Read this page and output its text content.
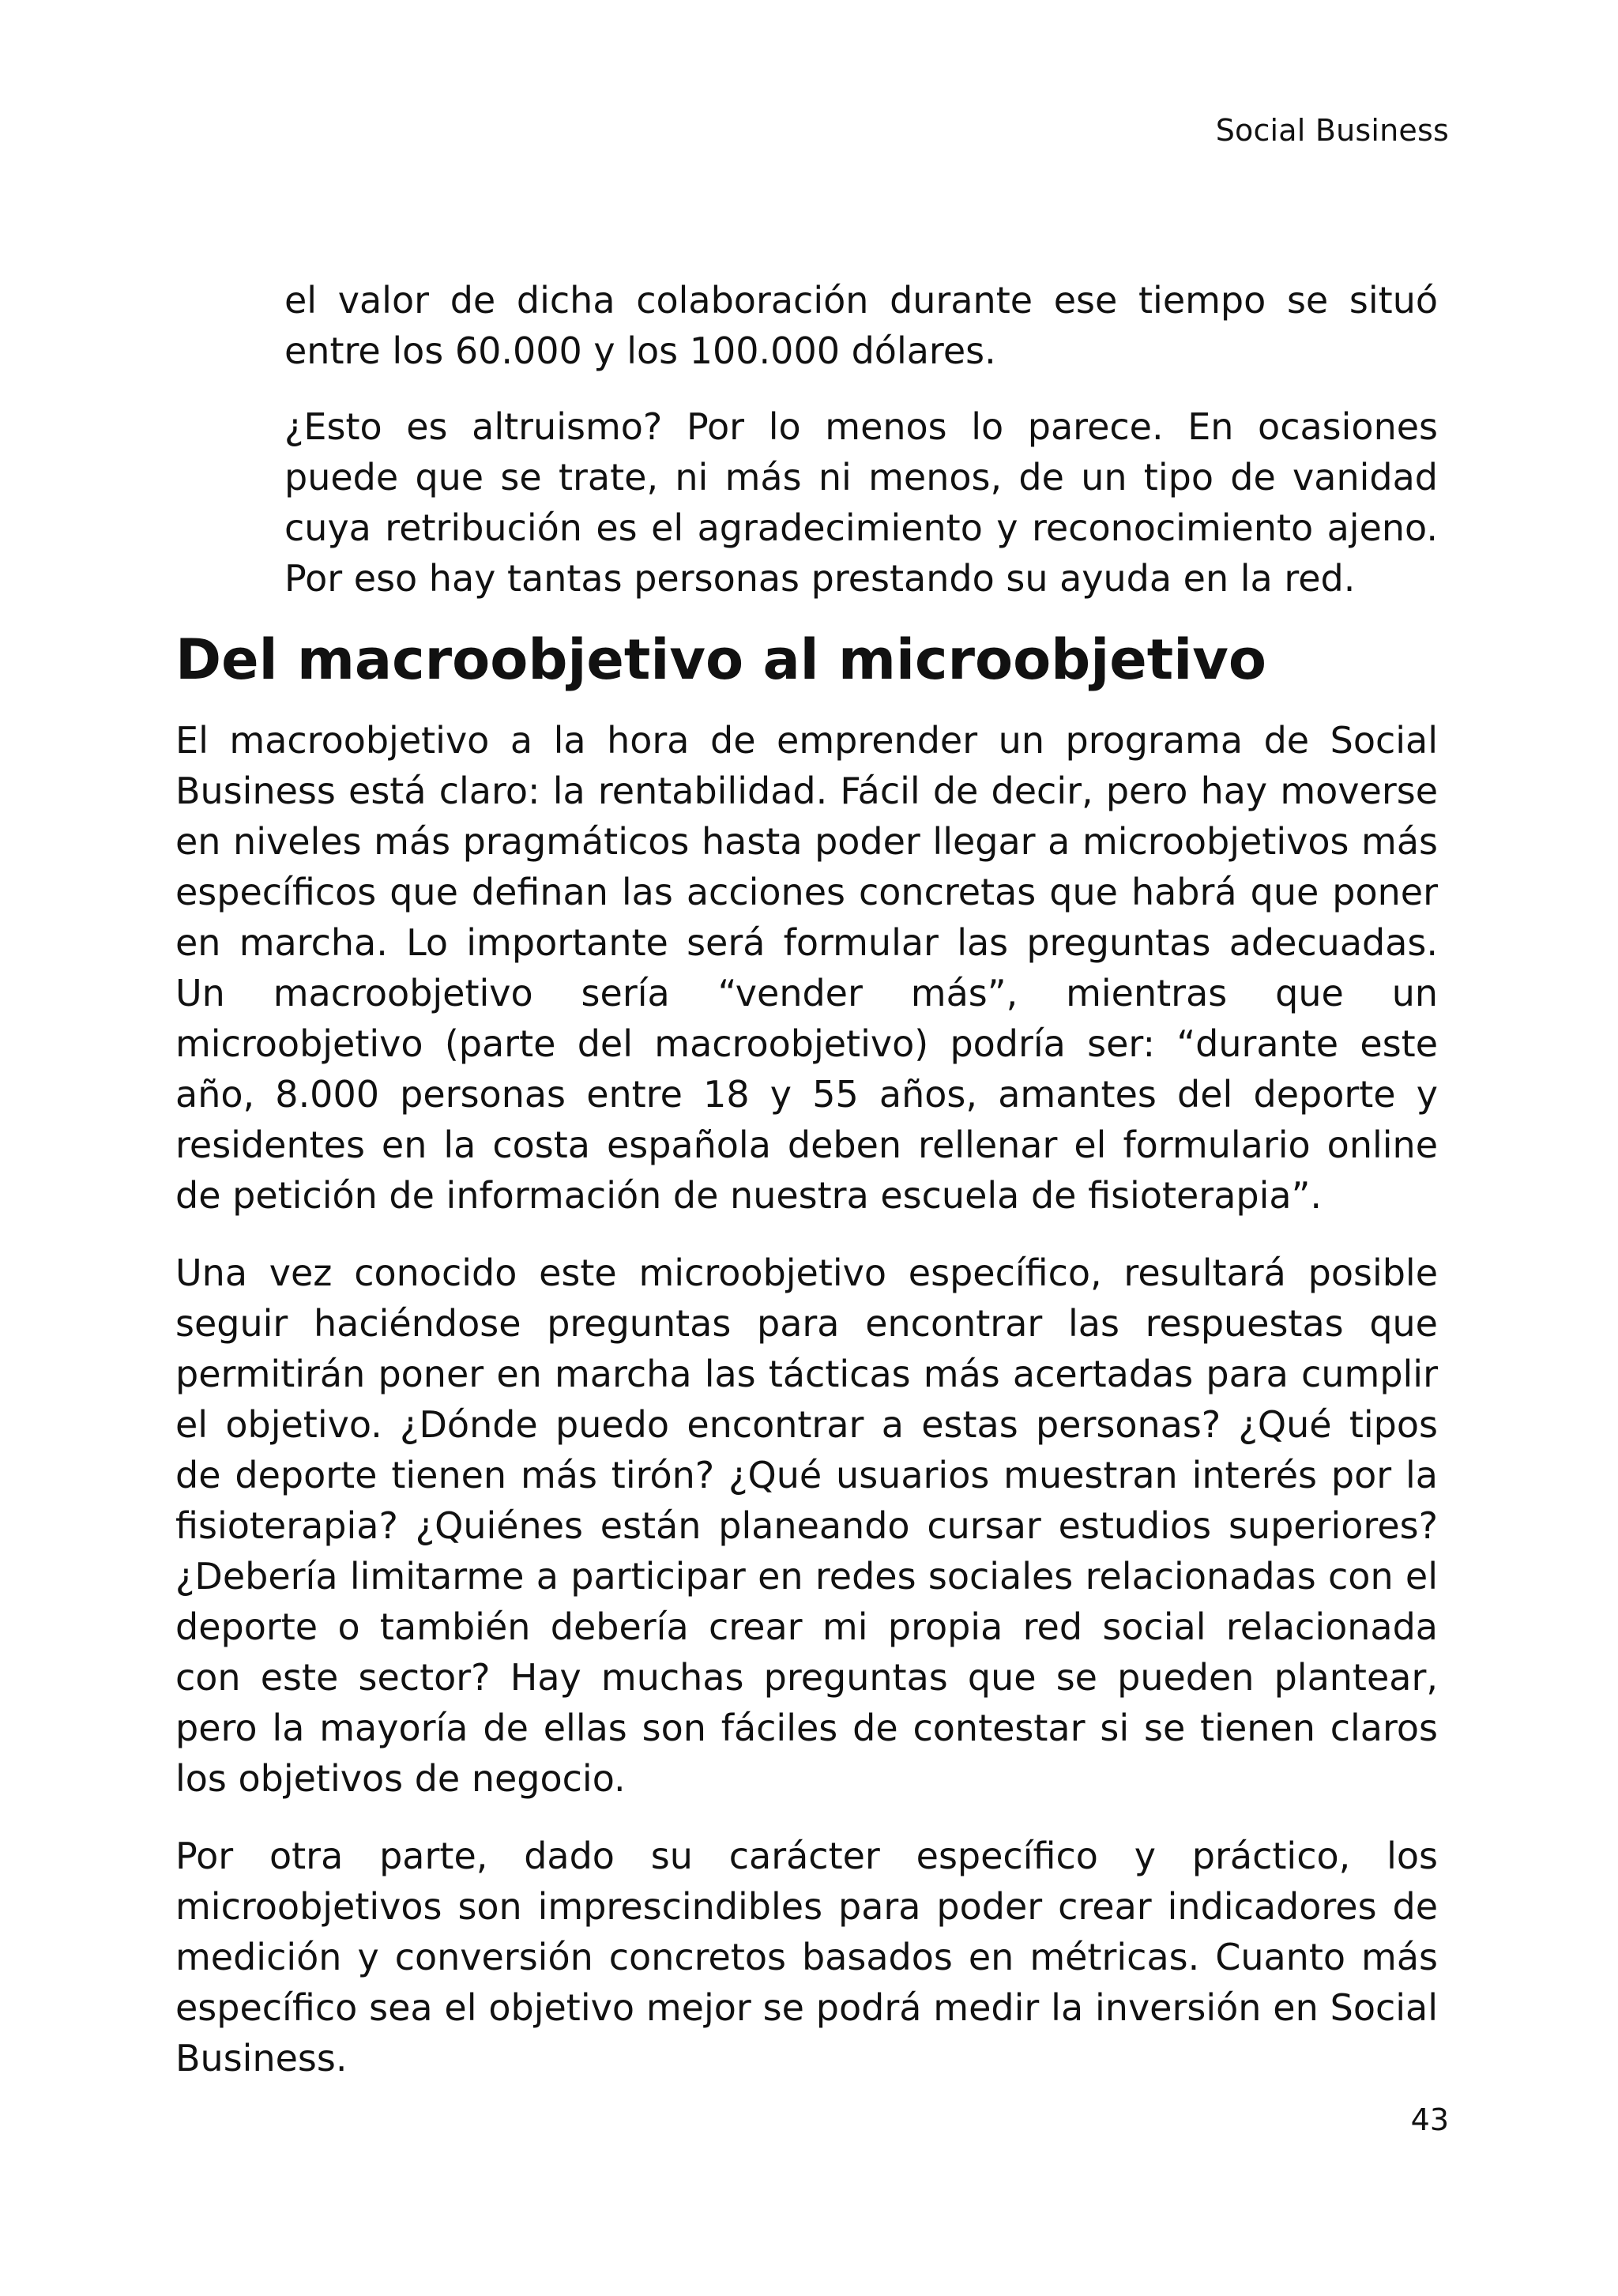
Social Business

el valor de dicha colaboración durante ese tiempo se situó entre los 60.000 y los 100.000 dólares.

¿Esto es altruismo? Por lo menos lo parece. En ocasiones puede que se trate, ni más ni menos, de un tipo de vanidad cuya retribución es el agradecimiento y reconocimiento ajeno. Por eso hay tantas personas prestando su ayuda en la red.

Del macroobjetivo al microobjetivo

El macroobjetivo a la hora de emprender un programa de Social Business está claro: la rentabilidad. Fácil de decir, pero hay moverse en niveles más pragmáticos hasta poder llegar a microobjetivos más específicos que definan las acciones concretas que habrá que poner en marcha. Lo importante será formular las preguntas adecuadas. Un macroobjetivo sería “vender más”, mientras que un microobjetivo (parte del macroobjetivo) podría ser: “durante este año, 8.000 personas entre 18 y 55 años, amantes del deporte y residentes en la costa española deben rellenar el formulario online de petición de información de nuestra escuela de fisioterapia”.

Una vez conocido este microobjetivo específico, resultará posible seguir haciéndose preguntas para encontrar las respuestas que permitirán poner en marcha las tácticas más acertadas para cumplir el objetivo. ¿Dónde puedo encontrar a estas personas? ¿Qué tipos de deporte tienen más tirón? ¿Qué usuarios muestran interés por la fisioterapia? ¿Quiénes están planeando cursar estudios superiores? ¿Debería limitarme a participar en redes sociales relacionadas con el deporte o también debería crear mi propia red social relacionada con este sector? Hay muchas preguntas que se pueden plantear, pero la mayoría de ellas son fáciles de contestar si se tienen claros los objetivos de negocio.

Por otra parte, dado su carácter específico y práctico, los microobjetivos son imprescindibles para poder crear indicadores de medición y conversión concretos basados en métricas. Cuanto más específico sea el objetivo mejor se podrá medir la inversión en Social Business.

43
